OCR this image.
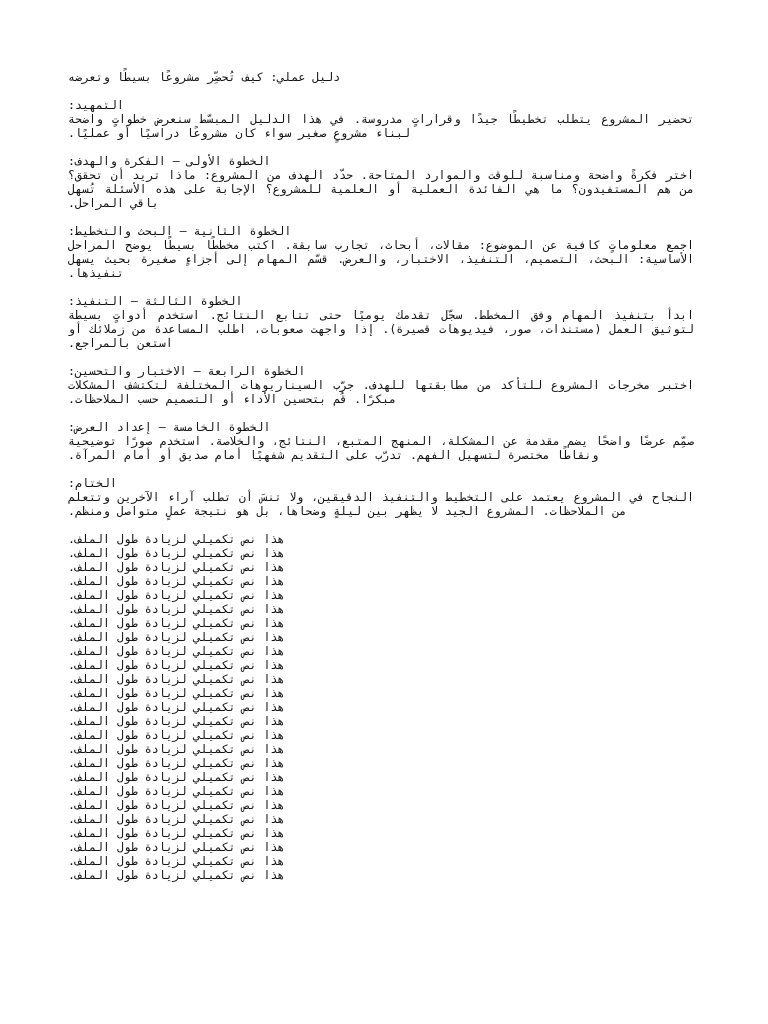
دليل عملي: كيف تُحضِّر مشروعًا بسيطًا وتعرضه
التمهيد:
تحضير المشروع يتطلب تخطيطًا جيدًا وقراراتٍ مدروسة. في هذا الدليل المبسّط سنعرض خطواتٍ واضحة لبناء مشروعٍ صغير سواء كان مشروعًا دراسيًا أو عمليًا.
الخطوة الأولى – الفكرة والهدف:
اختر فكرةً واضحة ومناسبة للوقت والموارد المتاحة. حدّد الهدف من المشروع: ماذا تريد أن تحقق؟ من هم المستفيدون؟ ما هي الفائدة العملية أو العلمية للمشروع؟ الإجابة على هذه الأسئلة تُسهل باقي المراحل.
الخطوة الثانية – البحث والتخطيط:
اجمع معلوماتٍ كافية عن الموضوع: مقالات، أبحاث، تجارب سابقة. اكتب مخططًا بسيطًا يوضح المراحل الأساسية: البحث، التصميم، التنفيذ، الاختبار، والعرض. قسّم المهام إلى أجزاءٍ صغيرة بحيث يسهل تنفيذها.
الخطوة الثالثة – التنفيذ:
ابدأ بتنفيذ المهام وفق المخطط. سجّل تقدمك يوميًا حتى تتابع النتائج. استخدم أدواتٍ بسيطة لتوثيق العمل (مستندات، صور، فيديوهات قصيرة). إذا واجهت صعوبات، اطلب المساعدة من زملائك أو استعن بالمراجع.
الخطوة الرابعة – الاختبار والتحسين:
اختبر مخرجات المشروع للتأكد من مطابقتها للهدف. جرّب السيناريوهات المختلفة لتكتشف المشكلات مبكرًا. قُم بتحسين الأداء أو التصميم حسب الملاحظات.
الخطوة الخامسة – إعداد العرض:
صمِّم عرضًا واضحًا يضم مقدمة عن المشكلة، المنهج المتبع، النتائج، والخلاصة. استخدم صورًا توضيحية ونقاطًا مختصرة لتسهيل الفهم. تدرّب على التقديم شفهيًا أمام صديق أو أمام المرآة.
الختام:
النجاح في المشروع يعتمد على التخطيط والتنفيذ الدقيقين، ولا تنسَ أن تطلب آراء الآخرين وتتعلم من الملاحظات. المشروع الجيد لا يظهر بين ليلةٍ وضحاها، بل هو نتيجة عملٍ متواصل ومنظم.
هذا نص تكميلي لزيادة طول الملف.
هذا نص تكميلي لزيادة طول الملف.
هذا نص تكميلي لزيادة طول الملف.
هذا نص تكميلي لزيادة طول الملف.
هذا نص تكميلي لزيادة طول الملف.
هذا نص تكميلي لزيادة طول الملف.
هذا نص تكميلي لزيادة طول الملف.
هذا نص تكميلي لزيادة طول الملف.
هذا نص تكميلي لزيادة طول الملف.
هذا نص تكميلي لزيادة طول الملف.
هذا نص تكميلي لزيادة طول الملف.
هذا نص تكميلي لزيادة طول الملف.
هذا نص تكميلي لزيادة طول الملف.
هذا نص تكميلي لزيادة طول الملف.
هذا نص تكميلي لزيادة طول الملف.
هذا نص تكميلي لزيادة طول الملف.
هذا نص تكميلي لزيادة طول الملف.
هذا نص تكميلي لزيادة طول الملف.
هذا نص تكميلي لزيادة طول الملف.
هذا نص تكميلي لزيادة طول الملف.
هذا نص تكميلي لزيادة طول الملف.
هذا نص تكميلي لزيادة طول الملف.
هذا نص تكميلي لزيادة طول الملف.
هذا نص تكميلي لزيادة طول الملف.
هذا نص تكميلي لزيادة طول الملف.
